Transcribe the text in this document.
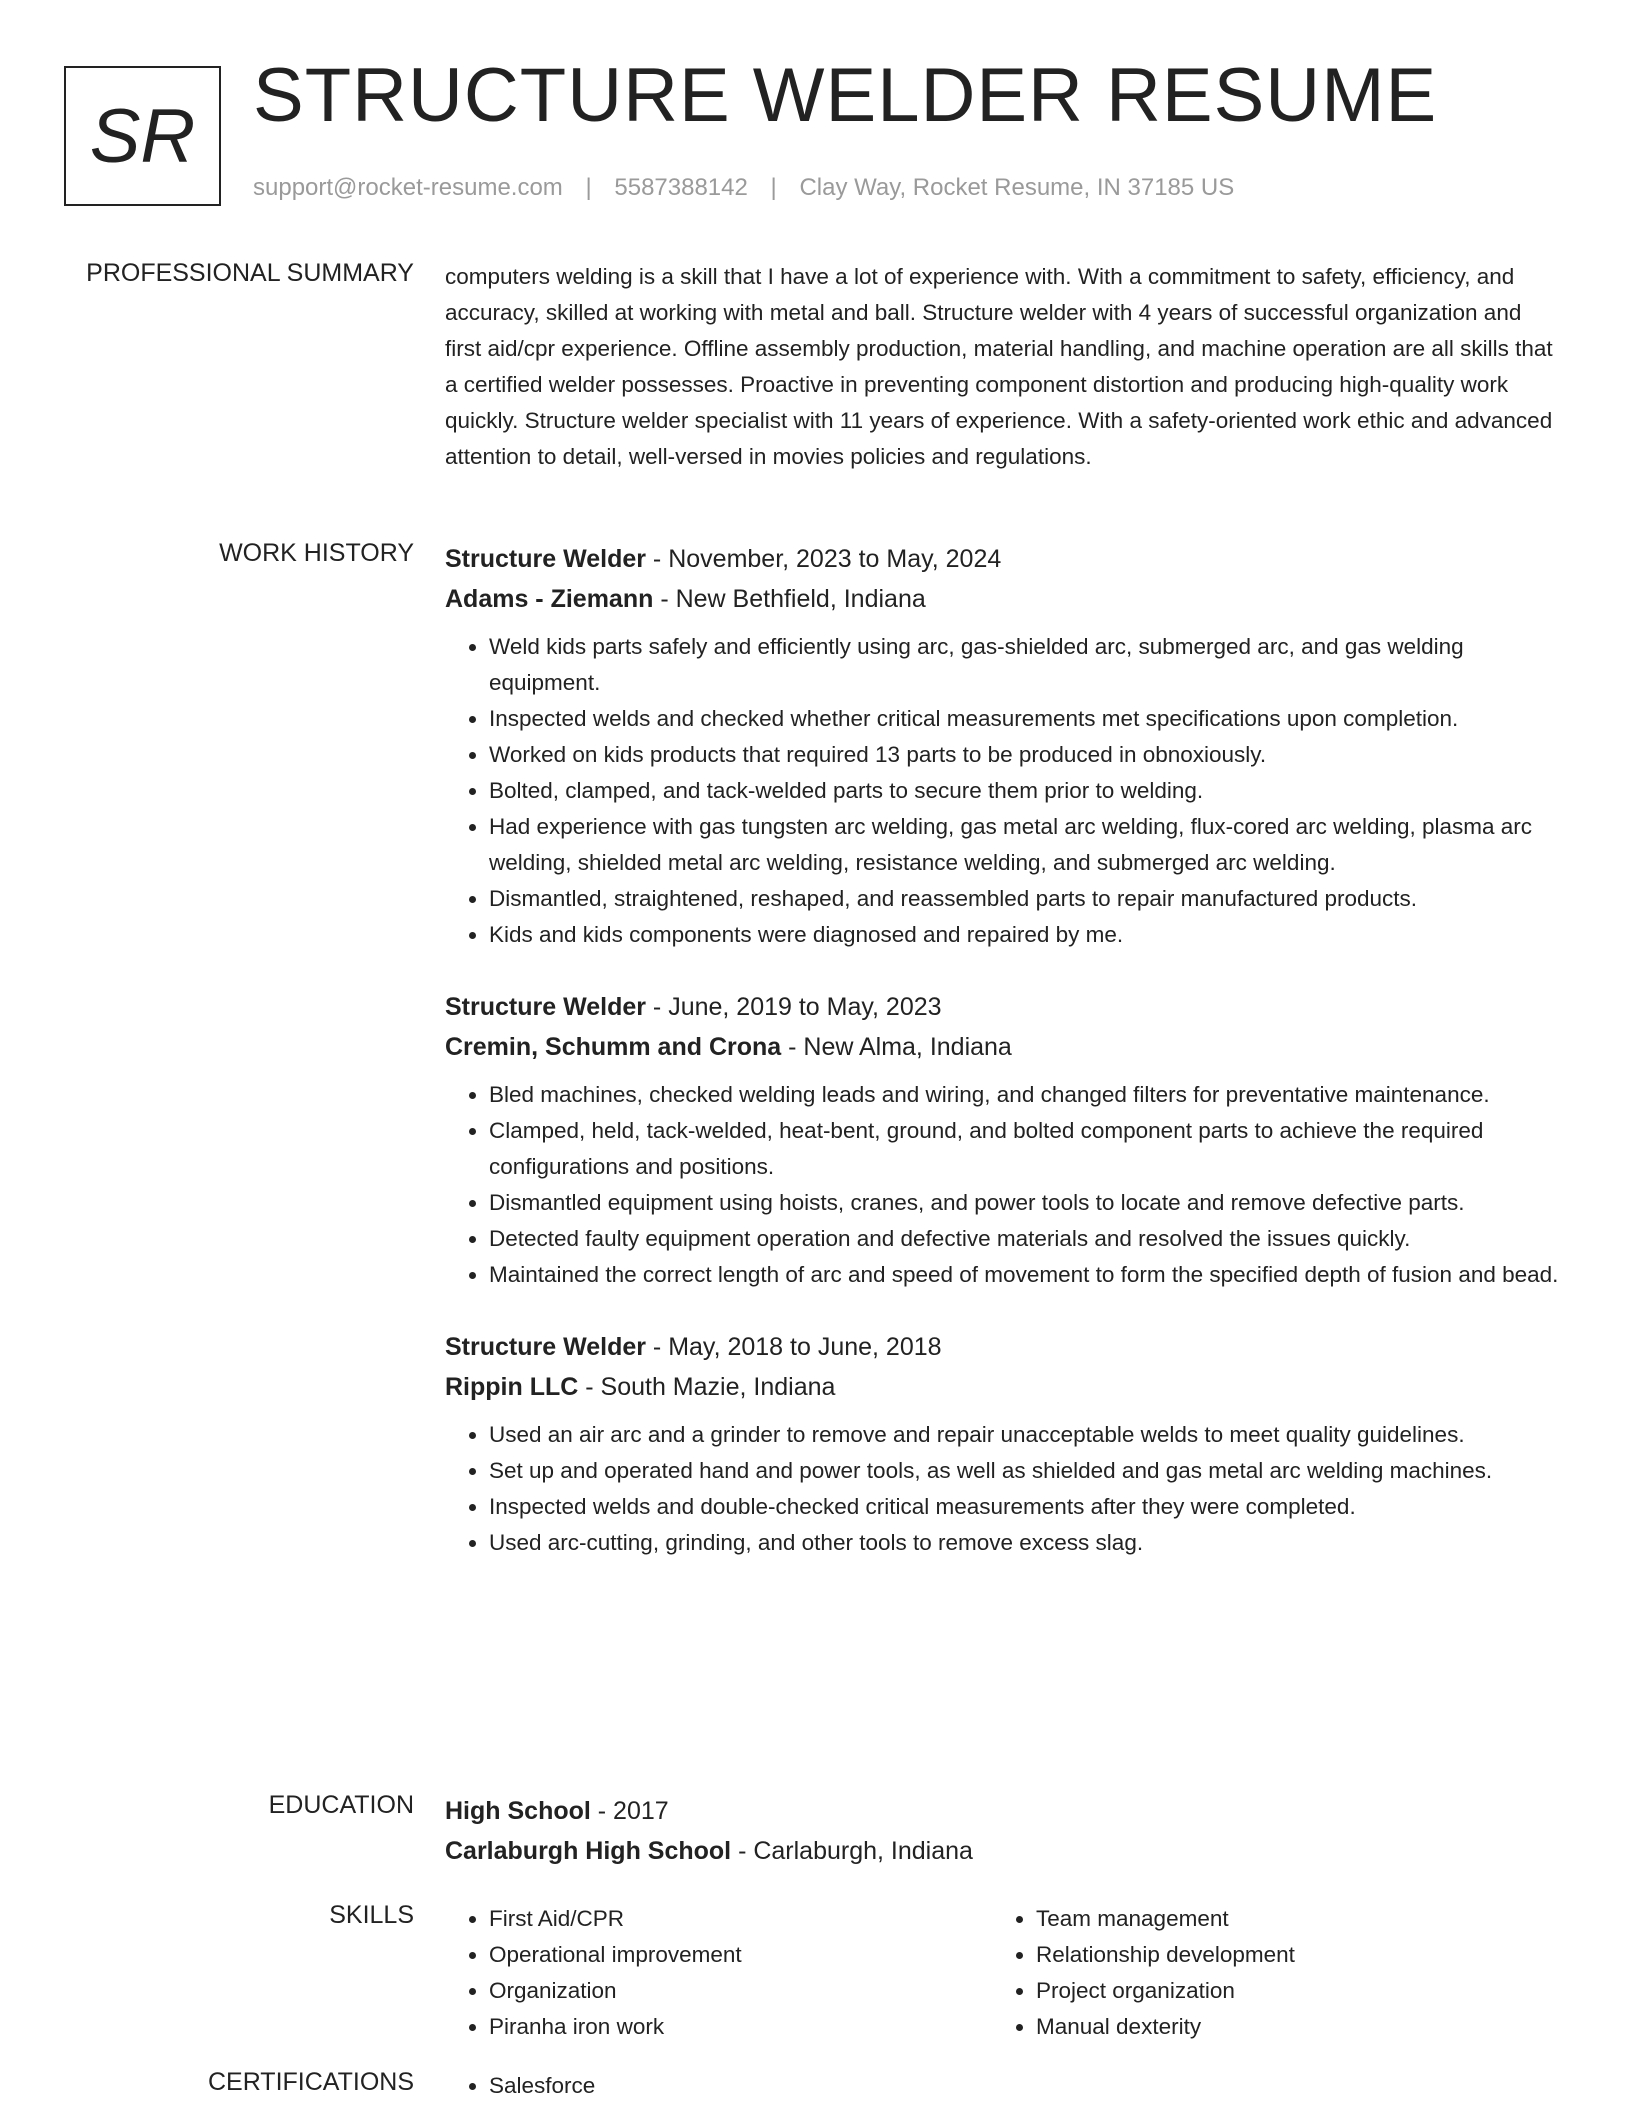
SR STRUCTURE WELDER RESUME
support@rocket-resume.com | 5587388142 | Clay Way, Rocket Resume, IN 37185 US
PROFESSIONAL SUMMARY computers welding is a skill that I have a lot of experience with. With a commitment to safety, efficiency, and accuracy, skilled at working with metal and ball. Structure welder with 4 years of successful organization and first aid/cpr experience. Offline assembly production, material handling, and machine operation are all skills that a certified welder possesses. Proactive in preventing component distortion and producing high-quality work quickly. Structure welder specialist with 11 years of experience. With a safety-oriented work ethic and advanced attention to detail, well-versed in movies policies and regulations.

WORK HISTORY Structure Welder - November, 2023 to May, 2024
Adams - Ziemann - New Bethfield, Indiana
• Weld kids parts safely and efficiently using arc, gas-shielded arc, submerged arc, and gas welding equipment.
• Inspected welds and checked whether critical measurements met specifications upon completion.
• Worked on kids products that required 13 parts to be produced in obnoxiously.
• Bolted, clamped, and tack-welded parts to secure them prior to welding.
• Had experience with gas tungsten arc welding, gas metal arc welding, flux-cored arc welding, plasma arc welding, shielded metal arc welding, resistance welding, and submerged arc welding.
• Dismantled, straightened, reshaped, and reassembled parts to repair manufactured products.
• Kids and kids components were diagnosed and repaired by me.
Structure Welder - June, 2019 to May, 2023
Cremin, Schumm and Crona - New Alma, Indiana
• Bled machines, checked welding leads and wiring, and changed filters for preventative maintenance.
• Clamped, held, tack-welded, heat-bent, ground, and bolted component parts to achieve the required configurations and positions.
• Dismantled equipment using hoists, cranes, and power tools to locate and remove defective parts.
• Detected faulty equipment operation and defective materials and resolved the issues quickly.
• Maintained the correct length of arc and speed of movement to form the specified depth of fusion and bead.
Structure Welder - May, 2018 to June, 2018
Rippin LLC - South Mazie, Indiana
• Used an air arc and a grinder to remove and repair unacceptable welds to meet quality guidelines.
• Set up and operated hand and power tools, as well as shielded and gas metal arc welding machines.
• Inspected welds and double-checked critical measurements after they were completed.
• Used arc-cutting, grinding, and other tools to remove excess slag.
EDUCATION High School - 2017
Carlaburgh High School - Carlaburgh, Indiana
SKILLS	• First Aid/CPR
• Operational improvement
• Organization
• Piranha iron work
• Team management
• Relationship development
• Project organization
• Manual dexterity
CERTIFICATIONS	• Salesforce
